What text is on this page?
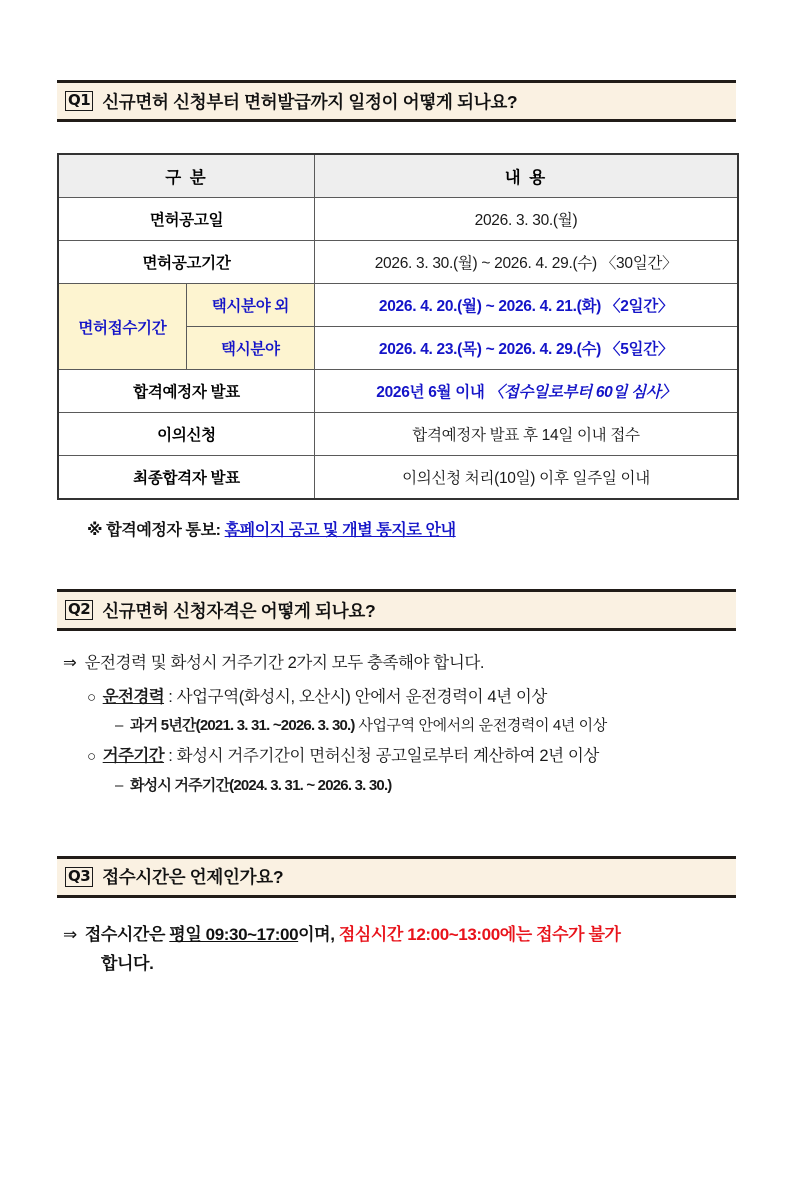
Q1 신규면허 신청부터 면허발급까지 일정이 어떻게 되나요?
구 분		내 용
면허공고일		2026. 3. 30.(월)
면허공고기간		2026. 3. 30.(월) ~ 2026. 4. 29.(수) 〈30일간〉
면허접수기간	택시분야 외	2026. 4. 20.(월) ~ 2026. 4. 21.(화) 〈2일간〉
	택시분야	2026. 4. 23.(목) ~ 2026. 4. 29.(수) 〈5일간〉
합격예정자 발표		2026년 6월 이내 〈접수일로부터 60일 심사〉
이의신청		합격예정자 발표 후 14일 이내 접수
최종합격자 발표		이의신청 처리(10일) 이후 일주일 이내
※ 합격예정자 통보: 홈페이지 공고 및 개별 통지로 안내
Q2 신규면허 신청자격은 어떻게 되나요?
⇒ 운전경력 및 화성시 거주기간 2가지 모두 충족해야 합니다.
○ 운전경력 : 사업구역(화성시, 오산시) 안에서 운전경력이 4년 이상
– 과거 5년간(2021. 3. 31. ~2026. 3. 30.) 사업구역 안에서의 운전경력이 4년 이상
○ 거주기간 : 화성시 거주기간이 면허신청 공고일로부터 계산하여 2년 이상
– 화성시 거주기간(2024. 3. 31. ~ 2026. 3. 30.)
Q3 접수시간은 언제인가요?
⇒ 접수시간은 평일 09:30~17:00이며, 점심시간 12:00~13:00에는 접수가 불가
합니다.
